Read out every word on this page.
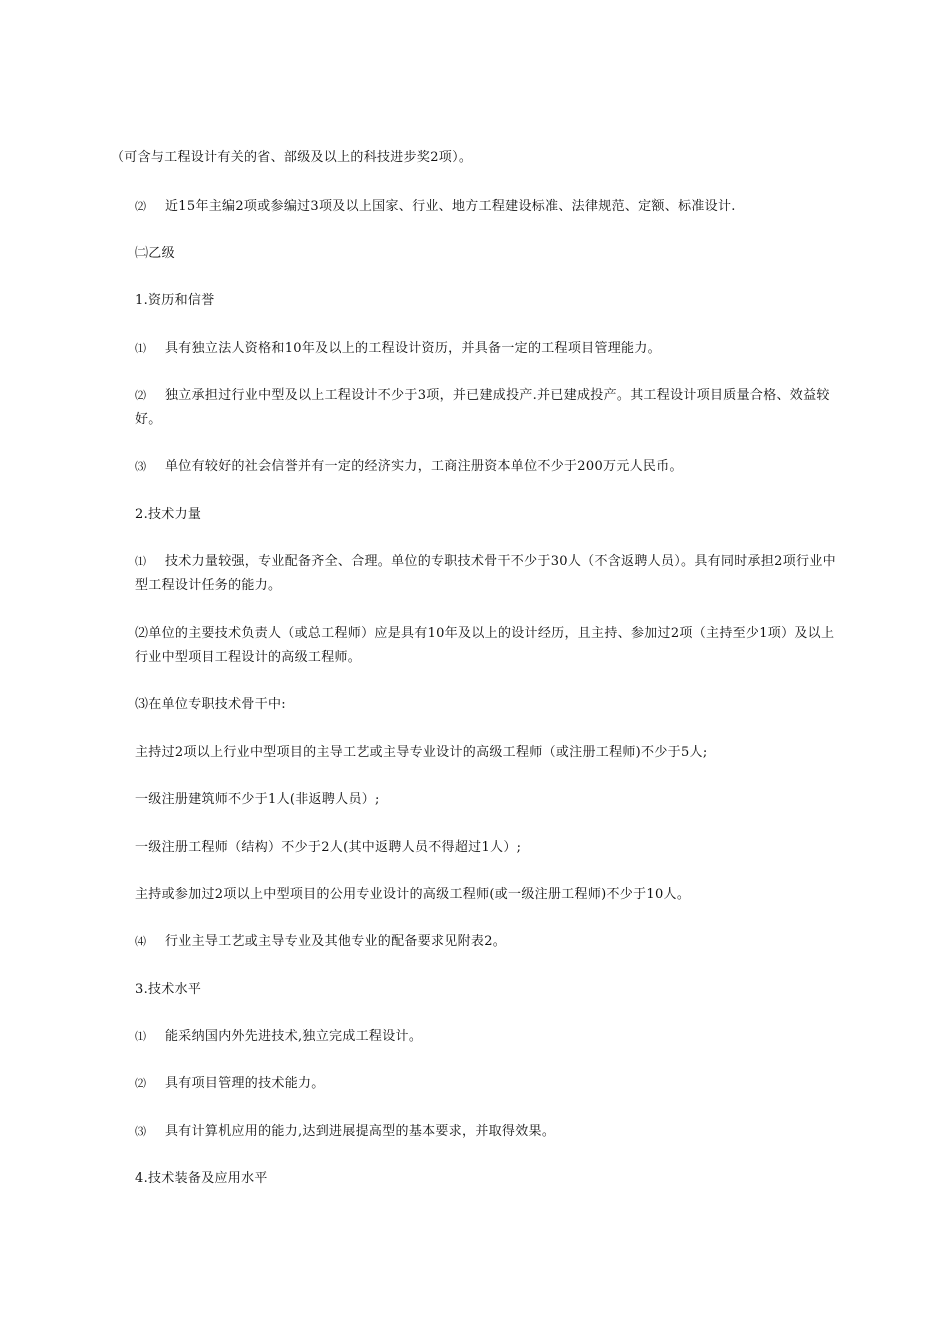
（可含与工程设计有关的省、部级及以上的科技进步奖2项）。
⑵ 近15年主编2项或参编过3项及以上国家、行业、地方工程建设标准、法律规范、定额、标准设计.
㈡乙级
1.资历和信誉
⑴ 具有独立法人资格和10年及以上的工程设计资历，并具备一定的工程项目管理能力。
⑵ 独立承担过行业中型及以上工程设计不少于3项，并已建成投产.并已建成投产。其工程设计项目质量合格、效益较好。
⑶ 单位有较好的社会信誉并有一定的经济实力，工商注册资本单位不少于200万元人民币。
2.技术力量
⑴ 技术力量较强，专业配备齐全、合理。单位的专职技术骨干不少于30人（不含返聘人员）。具有同时承担2项行业中型工程设计任务的能力。
⑵单位的主要技术负责人（或总工程师）应是具有10年及以上的设计经历，且主持、参加过2项（主持至少1项）及以上行业中型项目工程设计的高级工程师。
⑶在单位专职技术骨干中:
主持过2项以上行业中型项目的主导工艺或主导专业设计的高级工程师（或注册工程师)不少于5人;
一级注册建筑师不少于1人(非返聘人员）;
一级注册工程师（结构）不少于2人(其中返聘人员不得超过1人）;
主持或参加过2项以上中型项目的公用专业设计的高级工程师(或一级注册工程师)不少于10人。
⑷ 行业主导工艺或主导专业及其他专业的配备要求见附表2。
3.技术水平
⑴ 能采纳国内外先进技术,独立完成工程设计。
⑵ 具有项目管理的技术能力。
⑶ 具有计算机应用的能力,达到进展提高型的基本要求，并取得效果。
4.技术装备及应用水平
